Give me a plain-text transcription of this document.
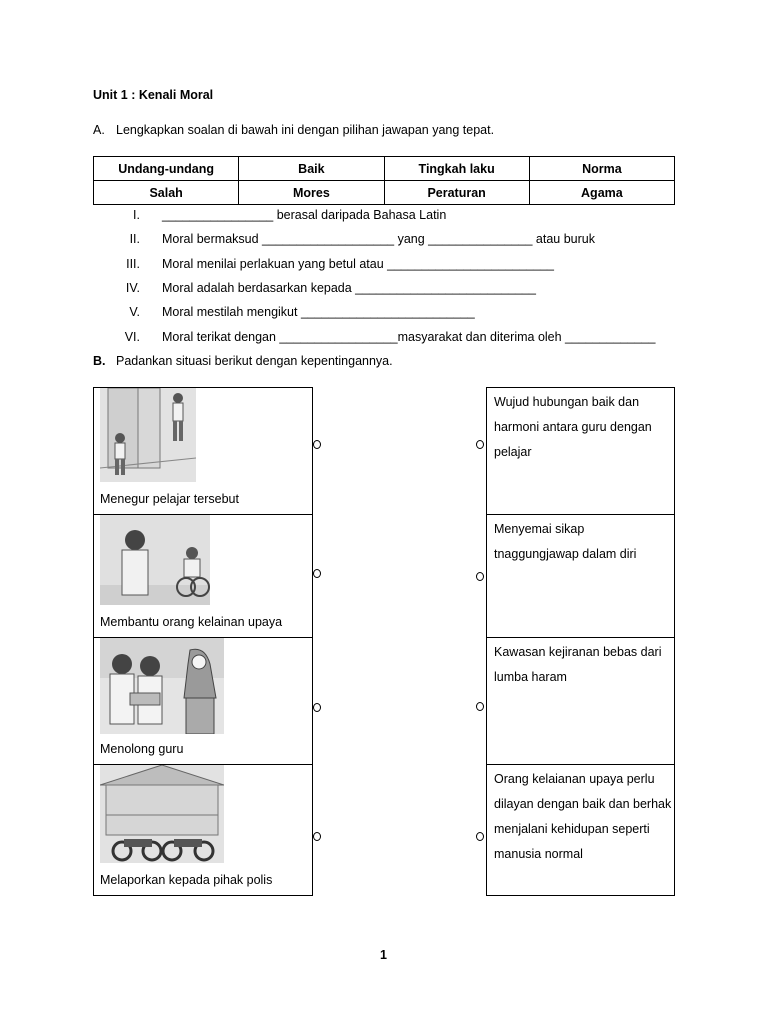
Unit 1 : Kenali Moral
A. Lengkapkan soalan di bawah ini dengan pilihan jawapan yang tepat.
Undang-undang	Baik	Tingkah laku	Norma
Salah	Mores	Peraturan	Agama
I. ________________ berasal daripada Bahasa Latin
II. Moral bermaksud ___________________ yang _______________ atau buruk
III. Moral menilai perlakuan yang betul atau ________________________
IV. Moral adalah berdasarkan kepada __________________________
V. Moral mestilah mengikut _________________________
VI. Moral terikat dengan _________________masyarakat dan diterima oleh _____________
B. Padankan situasi berikut dengan kepentingannya.
Menegur pelajar tersebut
Membantu orang kelainan upaya
Menolong guru
Melaporkan kepada pihak polis
Wujud hubungan baik dan harmoni antara guru dengan pelajar
Menyemai sikap tnaggungjawap dalam diri
Kawasan kejiranan bebas dari lumba haram
Orang kelaianan upaya perlu dilayan dengan baik dan berhak menjalani kehidupan seperti manusia normal
1
